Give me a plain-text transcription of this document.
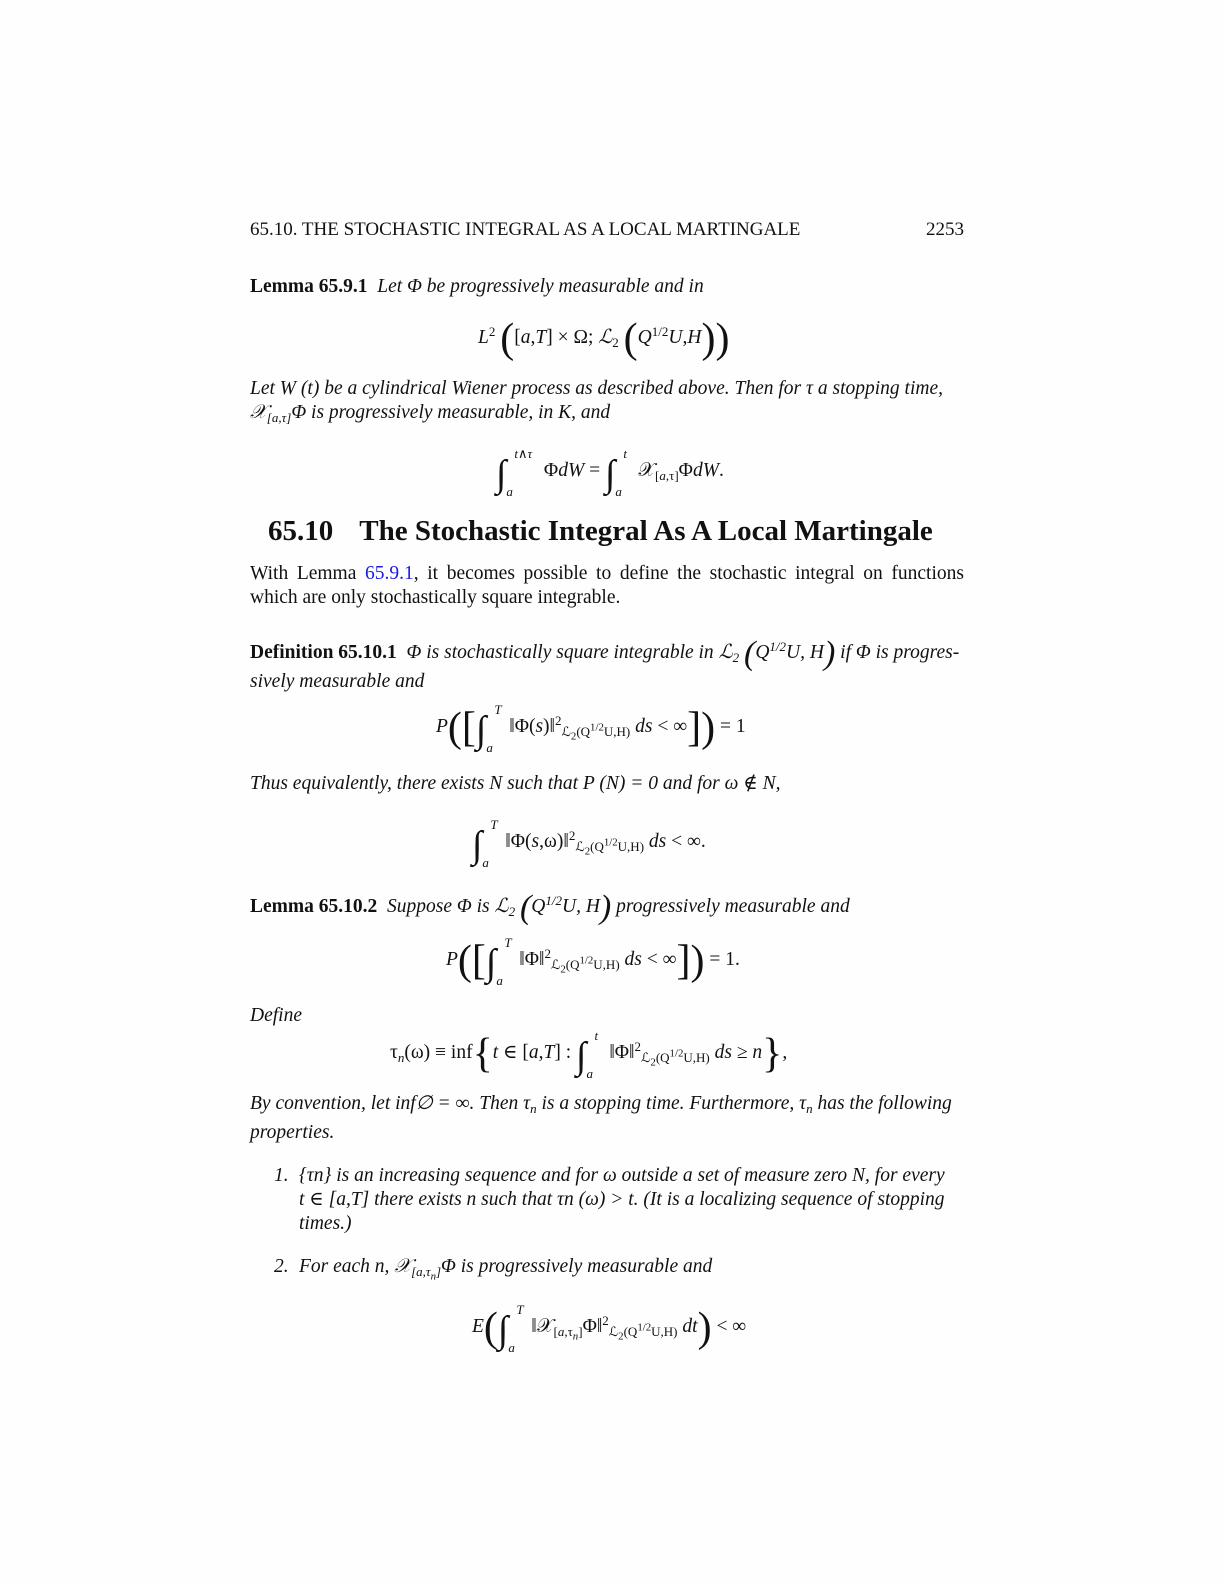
65.10. THE STOCHASTIC INTEGRAL AS A LOCAL MARTINGALE	2253
Lemma 65.9.1 Let Φ be progressively measurable and in
$L^2$ ([a,T] × Ω; ℒ$_2$ $(Q^{1/2}U,H)$)
Let W (t) be a cylindrical Wiener process as described above. Then for τ a stopping time,
𝒳$_{[a,\tau]}$Φ is progressively measurable, in K, and
∫ t∧τ
a
ΦdW = ∫ t
a
𝒳$_{[a,\tau]}$ΦdW.
65.10 The Stochastic Integral As A Local Martingale
With Lemma 65.9.1, it becomes possible to define the stochastic integral on functions which are only stochastically square integrable.
Definition 65.10.1 Φ is stochastically square integrable in ℒ$_2$ ($Q^{1/2}U$, H) if Φ is progres-
sively measurable and
P([∫ T
a
‖Φ(s)‖$^2_{ℒ_2(Q^{1/2}U,H)}$ ds < ∞]) = 1
Thus equivalently, there exists N such that P (N) = 0 and for ω ∉ N,
∫ T
a
‖Φ(s,ω)‖$^2_{ℒ_2(Q^{1/2}U,H)}$ ds < ∞.
Lemma 65.10.2 Suppose Φ is ℒ$_2$ ($Q^{1/2}U$, H) progressively measurable and
P([∫ T
a
‖Φ‖$^2_{ℒ_2(Q^{1/2}U,H)}$ ds < ∞]) = 1.
Define
$\tau_n(\omega) \equiv inf\{t$ ∈ [a,T] : ∫ t
a
‖Φ‖$^2_{ℒ_2(Q^{1/2}U,H)}$ ds ≥ n},
By convention, let inf∅ = ∞. Then $\tau_n$ is a stopping time. Furthermore, $\tau_n$ has the following
properties.
1. {τn} is an increasing sequence and for ω outside a set of measure zero N, for every
t ∈ [a,T] there exists n such that τn (ω) > t. (It is a localizing sequence of stopping
times.)
2. For each n, 𝒳$_{[a,\tau_n]}$Φ is progressively measurable and
E(∫ T
a
‖𝒳$_{[a,\tau_n]}$Φ‖$^2_{ℒ_2(Q^{1/2}U,H)}$ dt) < ∞
